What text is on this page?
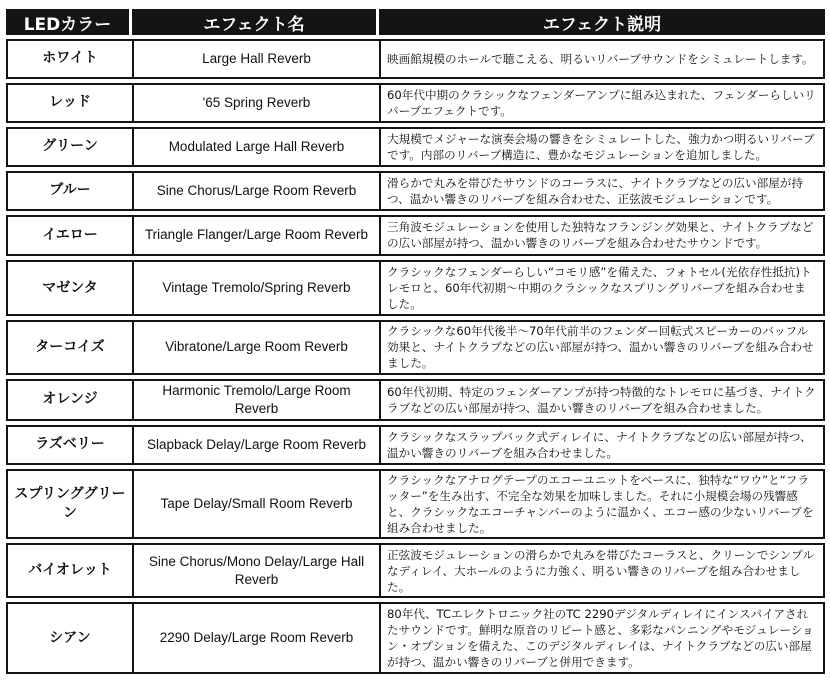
LEDカラー	エフェクト名	エフェクト説明
ホワイト	Large Hall Reverb	映画館規模のホールで聴こえる、明るいリバーブサウンドをシミュレートします。
レッド	'65 Spring Reverb	60年代中期のクラシックなフェンダーアンプに組み込まれた、フェンダーらしいリバーブエフェクトです。
グリーン	Modulated Large Hall Reverb	大規模でメジャーな演奏会場の響きをシミュレートした、強力かつ明るいリバーブです。内部のリバーブ構造に、豊かなモジュレーションを追加しました。
ブルー	Sine Chorus/Large Room Reverb	滑らかで丸みを帯びたサウンドのコーラスに、ナイトクラブなどの広い部屋が持つ、温かい響きのリバーブを組み合わせた、正弦波モジュレーションです。
イエロー	Triangle Flanger/Large Room Reverb	三角波モジュレーションを使用した独特なフランジング効果と、ナイトクラブなどの広い部屋が持つ、温かい響きのリバーブを組み合わせたサウンドです。
マゼンタ	Vintage Tremolo/Spring Reverb	クラシックなフェンダーらしい“コモリ感”を備えた、フォトセル(光依存性抵抗)トレモロと、60年代初期〜中期のクラシックなスプリングリバーブを組み合わせました。
ターコイズ	Vibratone/Large Room Reverb	クラシックな60年代後半〜70年代前半のフェンダー回転式スピーカーのバッフル効果と、ナイトクラブなどの広い部屋が持つ、温かい響きのリバーブを組み合わせました。
オレンジ	Harmonic Tremolo/Large Room Reverb	60年代初期、特定のフェンダーアンプが持つ特徴的なトレモロに基づき、ナイトクラブなどの広い部屋が持つ、温かい響きのリバーブを組み合わせました。
ラズベリー	Slapback Delay/Large Room Reverb	クラシックなスラップバック式ディレイに、ナイトクラブなどの広い部屋が持つ、温かい響きのリバーブを組み合わせました。
スプリンググリーン	Tape Delay/Small Room Reverb	クラシックなアナログテープのエコーユニットをベースに、独特な“ワウ”と“フラッター”を生み出す、不完全な効果を加味しました。それに小規模会場の残響感と、クラシックなエコーチャンバーのように温かく、エコー感の少ないリバーブを組み合わせました。
バイオレット	Sine Chorus/Mono Delay/Large Hall Reverb	正弦波モジュレーションの滑らかで丸みを帯びたコーラスと、クリーンでシンプルなディレイ、大ホールのように力強く、明るい響きのリバーブを組み合わせました。
シアン	2290 Delay/Large Room Reverb	80年代、TCエレクトロニック社のTC 2290デジタルディレイにインスパイアされたサウンドです。鮮明な原音のリピート感と、多彩なパンニングやモジュレーション・オプションを備えた、このデジタルディレイは、ナイトクラブなどの広い部屋が持つ、温かい響きのリバーブと併用できます。
